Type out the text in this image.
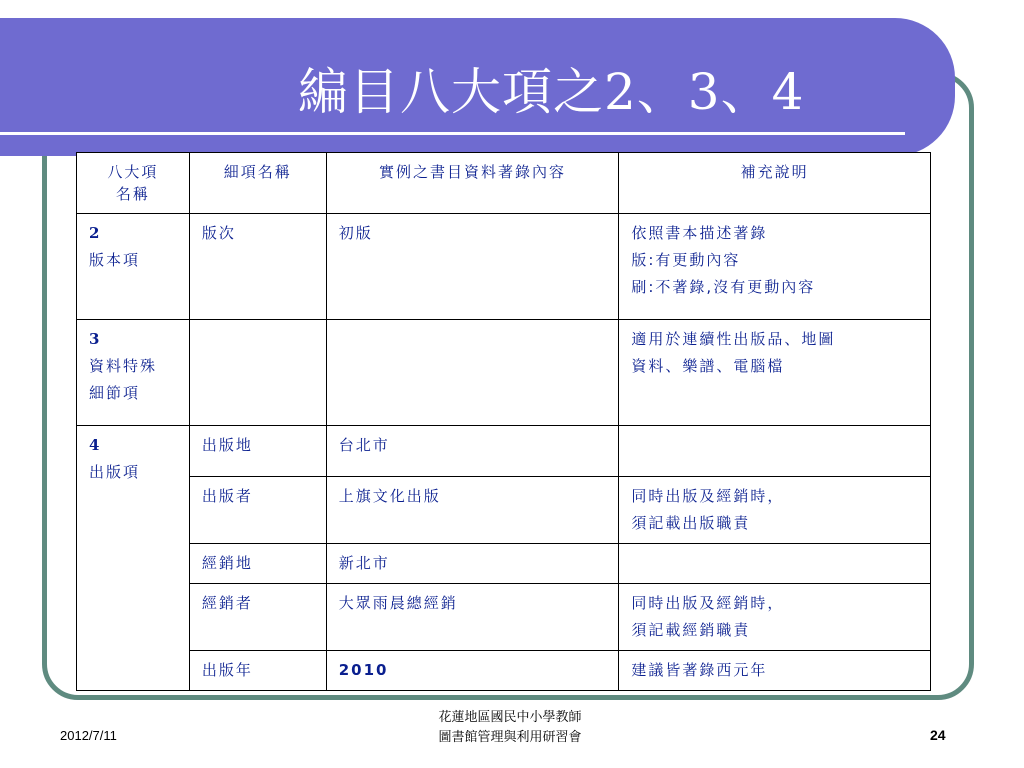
編目八大項之2、3、4
八大項
名稱	細項名稱	實例之書目資料著錄內容	補充說明

2
版本項	版次	初版	依照書本描述著錄
版:有更動內容
刷:不著錄,沒有更動內容

3
資料特殊
細節項			適用於連續性出版品、地圖
資料、樂譜、電腦檔

4
出版項	出版地	台北市	
	出版者	上旗文化出版	同時出版及經銷時，
須記載出版職責

	經銷地	新北市	
	經銷者	大眾雨晨總經銷	同時出版及經銷時，
須記載經銷職責

	出版年	2010	建議皆著錄西元年
2012/7/11
花蓮地區國民中小學教師
圖書館管理與利用研習會	24
